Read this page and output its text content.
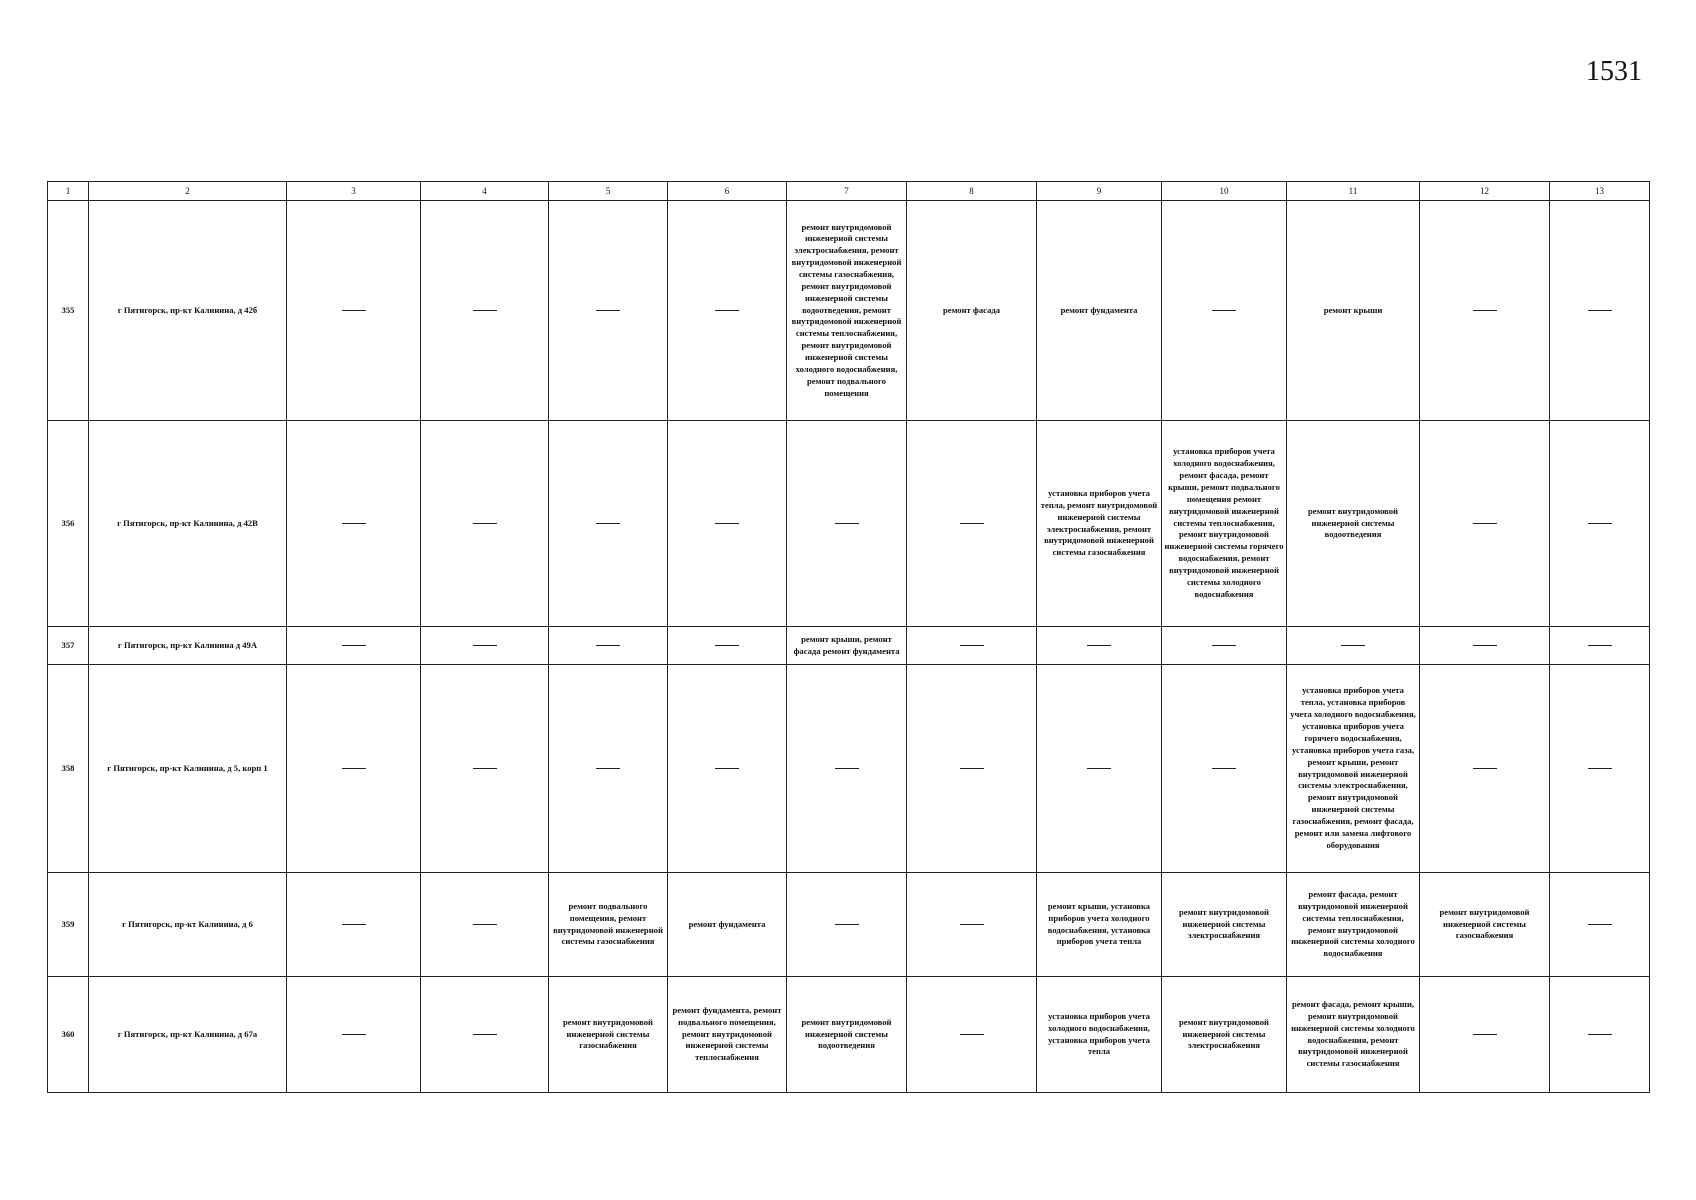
1531
1	2	3	4	5	6	7	8	9	10	11	12	13

355	г Пятигорск, пр-кт Калинина, д 42б					ремонт внутридомовой инженерной системы электроснабжения, ремонт внутридомовой инженерной системы газоснабжения, ремонт внутридомовой инженерной системы водоотведения, ремонт внутридомовой инженерной системы теплоснабжения, ремонт внутридомовой инженерной системы холодного водоснабжения, ремонт подвального помещения	ремонт фасада	ремонт фундамента		ремонт крыши

356	г Пятигорск, пр-кт Калинина, д 42В							установка приборов учета тепла, ремонт внутридомовой инженерной системы электроснабжения, ремонт внутридомовой инженерной системы газоснабжения	установка приборов учета холодного водоснабжения, ремонт фасада, ремонт крыши, ремонт подвального помещения ремонт внутридомовой инженерной системы теплоснабжения, ремонт внутридомовой инженерной системы горячего водоснабжения, ремонт внутридомовой инженерной системы холодного водоснабжения	ремонт внутридомовой инженерной системы водоотведения

357	г Пятигорск, пр-кт Калинина д 49А					ремонт крыши, ремонт фасада ремонт фундамента

358	г Пятигорск, пр-кт Калинина, д 5, корп 1									установка приборов учета тепла, установка приборов учета холодного водоснабжения, установка приборов учета горячего водоснабжения, установка приборов учета газа, ремонт крыши, ремонт внутридомовой инженерной системы электроснабжения, ремонт внутридомовой инженерной системы газоснабжения, ремонт фасада, ремонт или замена лифтового оборудования

359	г Пятигорск, пр-кт Калинина, д 6			ремонт подвального помещения, ремонт внутридомовой инженерной системы газоснабжения	ремонт фундамента			ремонт крыши, установка приборов учета холодного водоснабжения, установка приборов учета тепла	ремонт внутридомовой инженерной системы электроснабжения	ремонт фасада, ремонт внутридомовой инженерной системы теплоснабжения, ремонт внутридомовой инженерной системы холодного водоснабжения	ремонт внутридомовой инженерной системы газоснабжения

360	г Пятигорск, пр-кт Калинина, д 67а			ремонт внутридомовой инженерной системы газоснабжения	ремонт фундамента, ремонт подвального помещения, ремонт внутридомовой инженерной системы теплоснабжения	ремонт внутридомовой инженерной системы водоотведения		установка приборов учета холодного водоснабжения, установка приборов учета тепла	ремонт внутридомовой инженерной системы электроснабжения	ремонт фасада, ремонт крыши, ремонт внутридомовой инженерной системы холодного водоснабжения, ремонт внутридомовой инженерной системы газоснабжения
